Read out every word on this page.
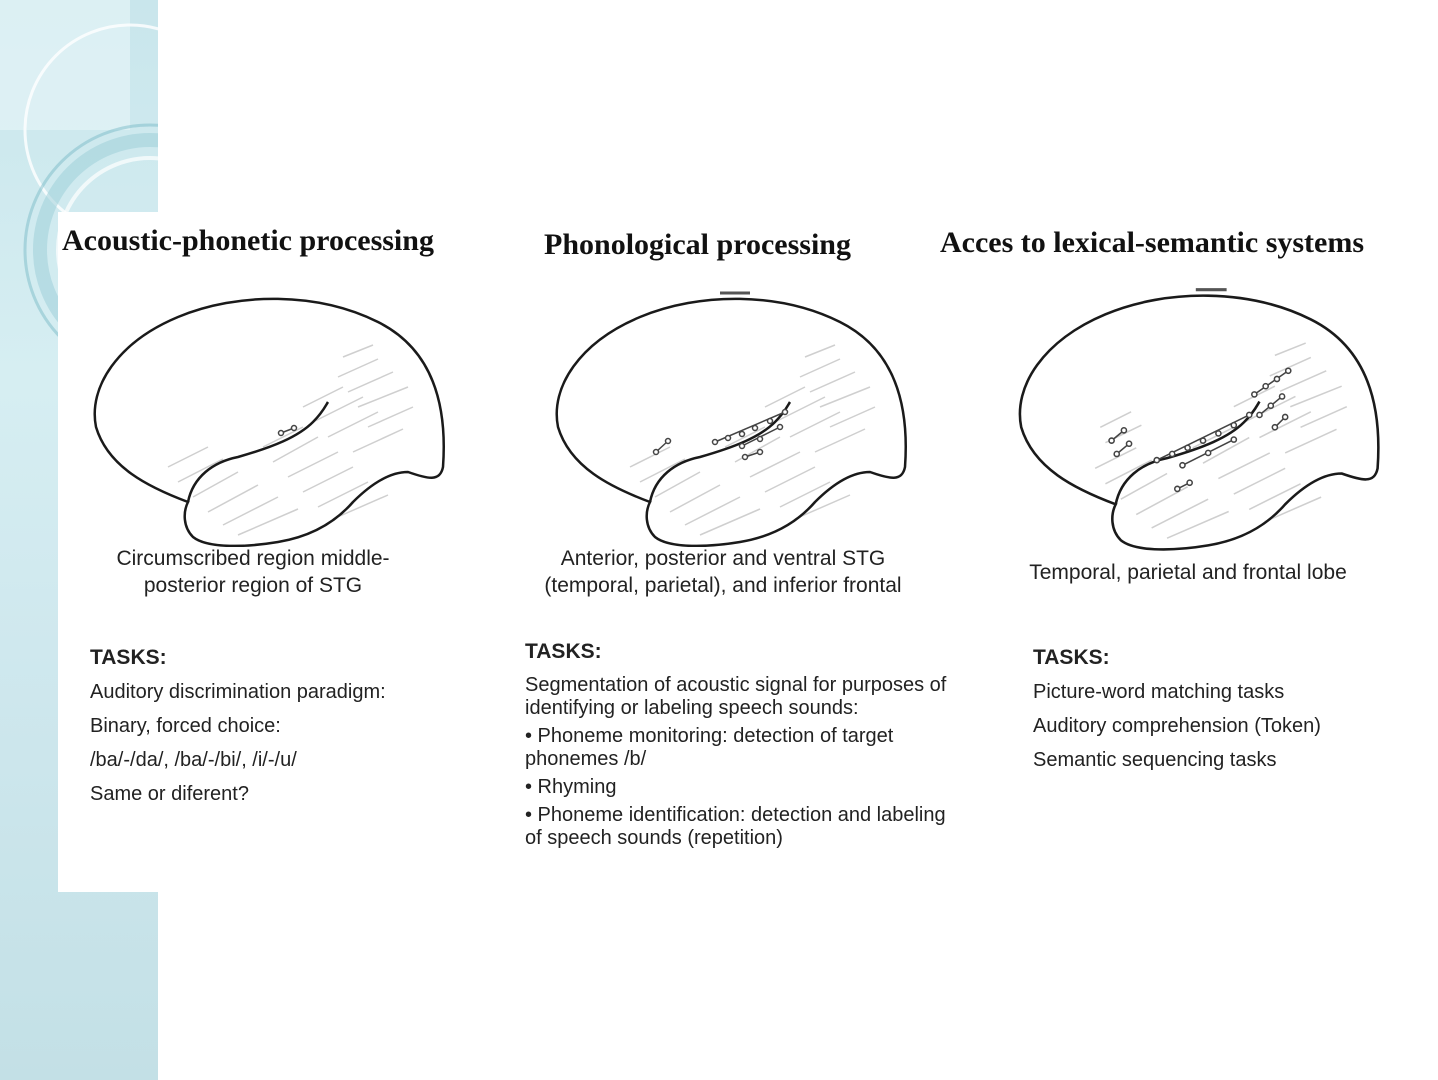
Acoustic-phonetic processing
Circumscribed region middle-
posterior region of STG
TASKS:
Auditory discrimination paradigm:
Binary, forced choice:
/ba/-/da/, /ba/-/bi/, /i/-/u/
Same or diferent?
Phonological processing
Anterior, posterior and ventral STG
(temporal, parietal), and inferior frontal
TASKS:
Segmentation of acoustic signal for purposes of identifying or labeling speech sounds:
• Phoneme monitoring: detection of target phonemes /b/
• Rhyming
• Phoneme identification: detection and labeling of speech sounds (repetition)
Acces to lexical-semantic systems
Temporal, parietal and frontal lobe
TASKS:
Picture-word matching tasks
Auditory comprehension (Token)
Semantic sequencing tasks
